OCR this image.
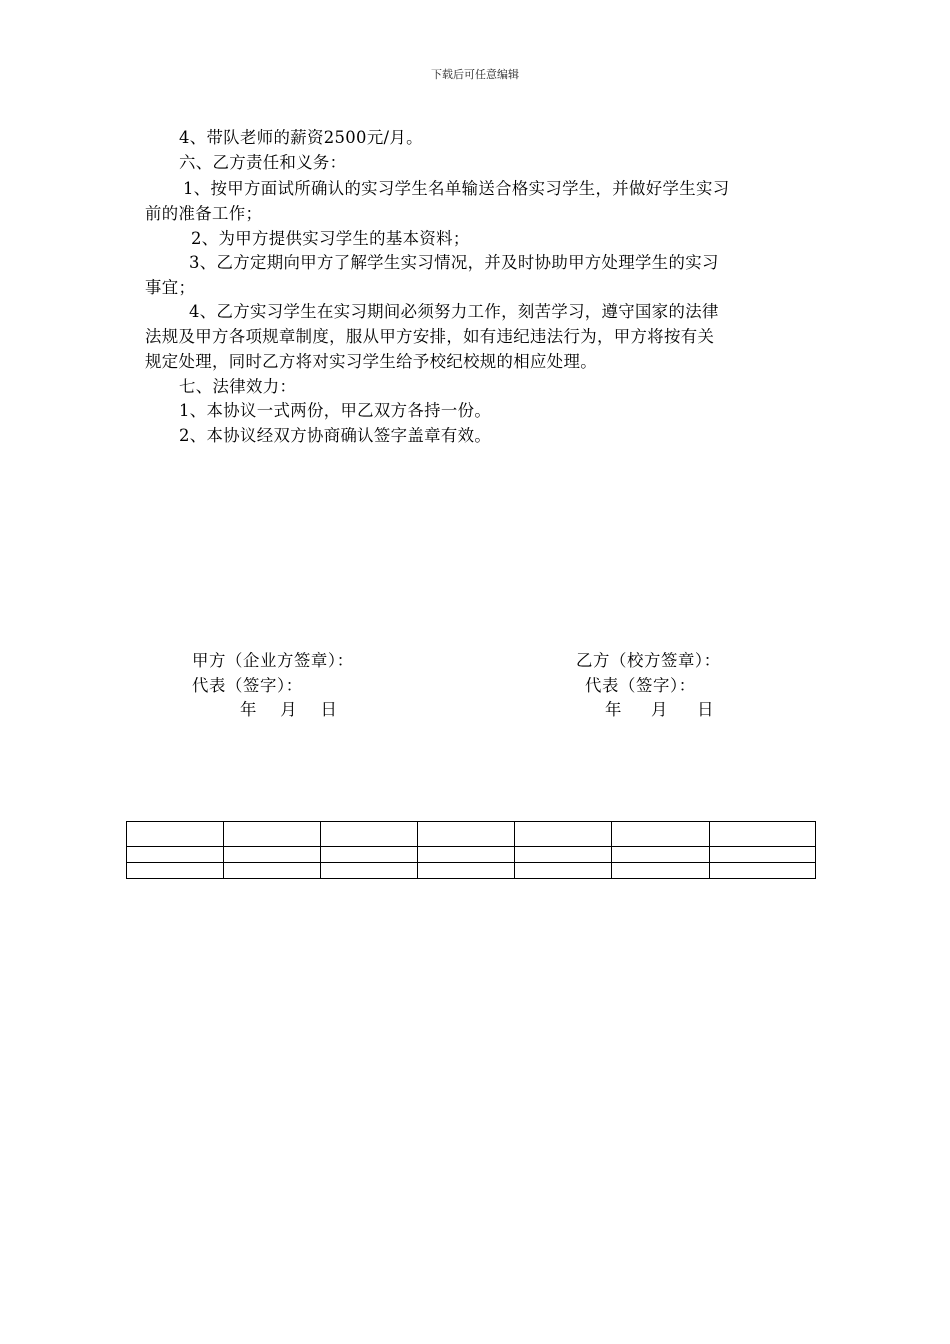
下载后可任意编辑
4、带队老师的薪资2500元/月。
六、乙方责任和义务：
1、按甲方面试所确认的实习学生名单输送合格实习学生，并做好学生实习
前的准备工作；
2、为甲方提供实习学生的基本资料；
3、乙方定期向甲方了解学生实习情况，并及时协助甲方处理学生的实习
事宜；
4、乙方实习学生在实习期间必须努力工作，刻苦学习，遵守国家的法律
法规及甲方各项规章制度，服从甲方安排，如有违纪违法行为，甲方将按有关
规定处理，同时乙方将对实习学生给予校纪校规的相应处理。
七、法律效力：
1、本协议一式两份，甲乙双方各持一份。
2、本协议经双方协商确认签字盖章有效。
甲方（企业方签章）：
代表（签字）：
年    月    日
乙方（校方签章）：
代表（签字）：
年     月     日
